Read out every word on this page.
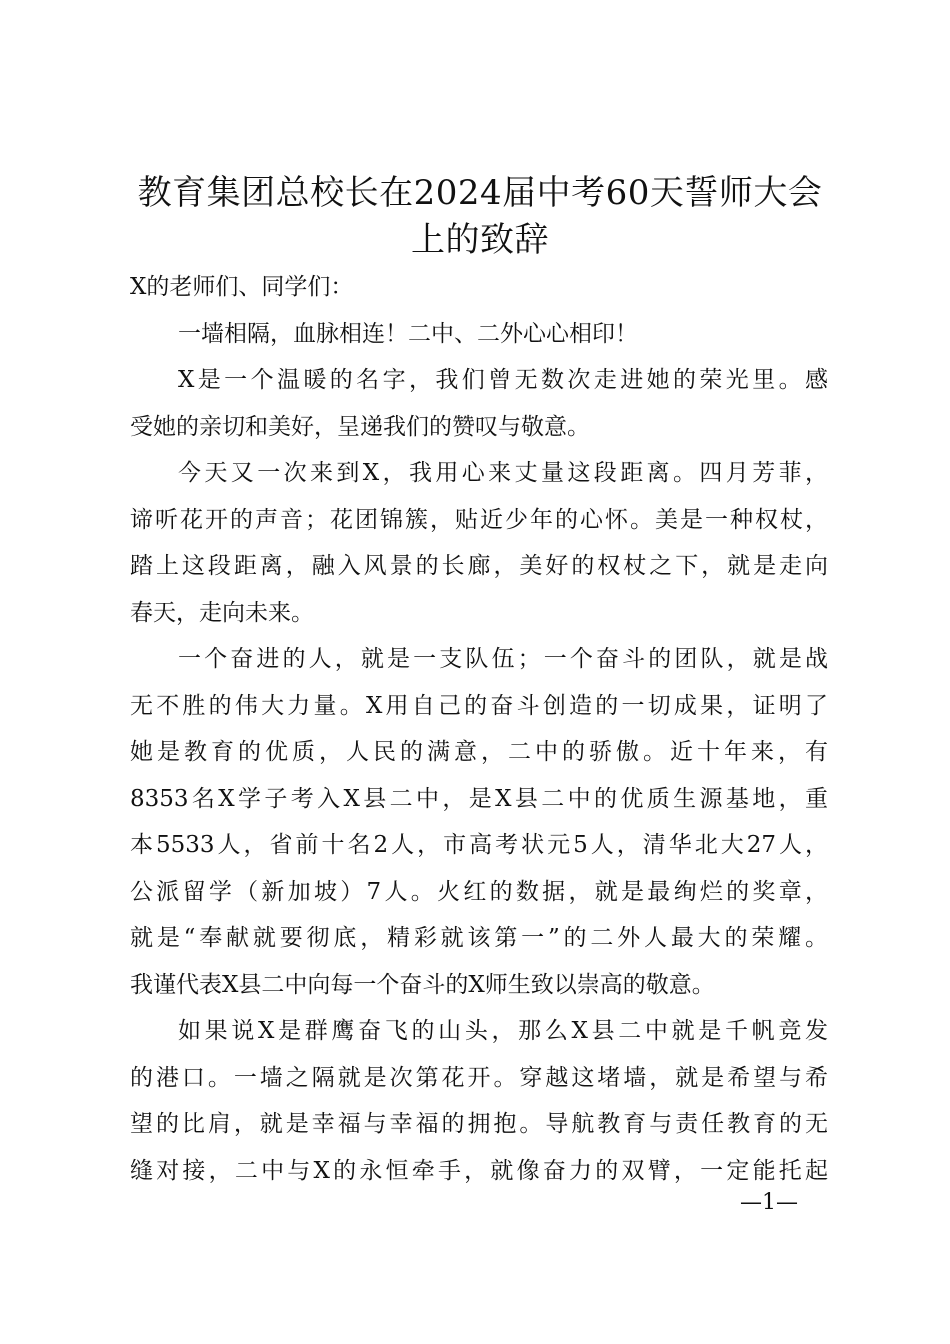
教育集团总校长在2024届中考60天誓师大会
上的致辞
X的老师们、同学们：
一墙相隔，血脉相连！二中、二外心心相印！
X是一个温暖的名字，我们曾无数次走进她的荣光里。感
受她的亲切和美好，呈递我们的赞叹与敬意。
今天又一次来到X，我用心来丈量这段距离。四月芳菲，
谛听花开的声音；花团锦簇，贴近少年的心怀。美是一种权杖，
踏上这段距离，融入风景的长廊，美好的权杖之下，就是走向
春天，走向未来。
一个奋进的人，就是一支队伍；一个奋斗的团队，就是战
无不胜的伟大力量。X用自己的奋斗创造的一切成果，证明了
她是教育的优质，人民的满意，二中的骄傲。近十年来，有
8353名X学子考入X县二中，是X县二中的优质生源基地，重
本5533人，省前十名2人，市高考状元5人，清华北大27人，
公派留学（新加坡）7人。火红的数据，就是最绚烂的奖章，
就是“奉献就要彻底，精彩就该第一”的二外人最大的荣耀。
我谨代表X县二中向每一个奋斗的X师生致以崇高的敬意。
如果说X是群鹰奋飞的山头，那么X县二中就是千帆竞发
的港口。一墙之隔就是次第花开。穿越这堵墙，就是希望与希
望的比肩，就是幸福与幸福的拥抱。导航教育与责任教育的无
缝对接，二中与X的永恒牵手，就像奋力的双臂，一定能托起
—1—
